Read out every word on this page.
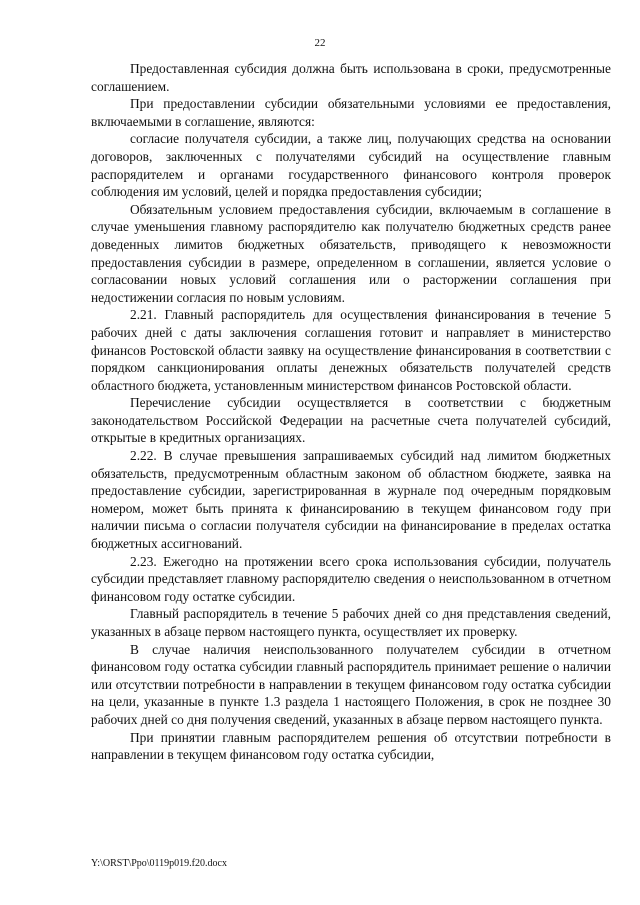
22

Предоставленная субсидия должна быть использована в сроки, предусмотренные соглашением.

При предоставлении субсидии обязательными условиями ее предоставления, включаемыми в соглашение, являются:

согласие получателя субсидии, а также лиц, получающих средства на основании договоров, заключенных с получателями субсидий на осуществление главным распорядителем и органами государственного финансового контроля проверок соблюдения им условий, целей и порядка предоставления субсидии;

Обязательным условием предоставления субсидии, включаемым в соглашение в случае уменьшения главному распорядителю как получателю бюджетных средств ранее доведенных лимитов бюджетных обязательств, приводящего к невозможности предоставления субсидии в размере, определенном в соглашении, является условие о согласовании новых условий соглашения или о расторжении соглашения при недостижении согласия по новым условиям.

2.21. Главный распорядитель для осуществления финансирования в течение 5 рабочих дней с даты заключения соглашения готовит и направляет в министерство финансов Ростовской области заявку на осуществление финансирования в соответствии с порядком санкционирования оплаты денежных обязательств получателей средств областного бюджета, установленным министерством финансов Ростовской области.

Перечисление субсидии осуществляется в соответствии с бюджетным законодательством Российской Федерации на расчетные счета получателей субсидий, открытые в кредитных организациях.

2.22. В случае превышения запрашиваемых субсидий над лимитом бюджетных обязательств, предусмотренным областным законом об областном бюджете, заявка на предоставление субсидии, зарегистрированная в журнале под очередным порядковым номером, может быть принята к финансированию в текущем финансовом году при наличии письма о согласии получателя субсидии на финансирование в пределах остатка бюджетных ассигнований.

2.23. Ежегодно на протяжении всего срока использования субсидии, получатель субсидии представляет главному распорядителю сведения о неиспользованном в отчетном финансовом году остатке субсидии.

Главный распорядитель в течение 5 рабочих дней со дня представления сведений, указанных в абзаце первом настоящего пункта, осуществляет их проверку.

В случае наличия неиспользованного получателем субсидии в отчетном финансовом году остатка субсидии главный распорядитель принимает решение о наличии или отсутствии потребности в направлении в текущем финансовом году остатка субсидии на цели, указанные в пункте 1.3 раздела 1 настоящего Положения, в срок не позднее 30 рабочих дней со дня получения сведений, указанных в абзаце первом настоящего пункта.

При принятии главным распорядителем решения об отсутствии потребности в направлении в текущем финансовом году остатка субсидии,

Y:\ORST\Ppo\0119p019.f20.docx
